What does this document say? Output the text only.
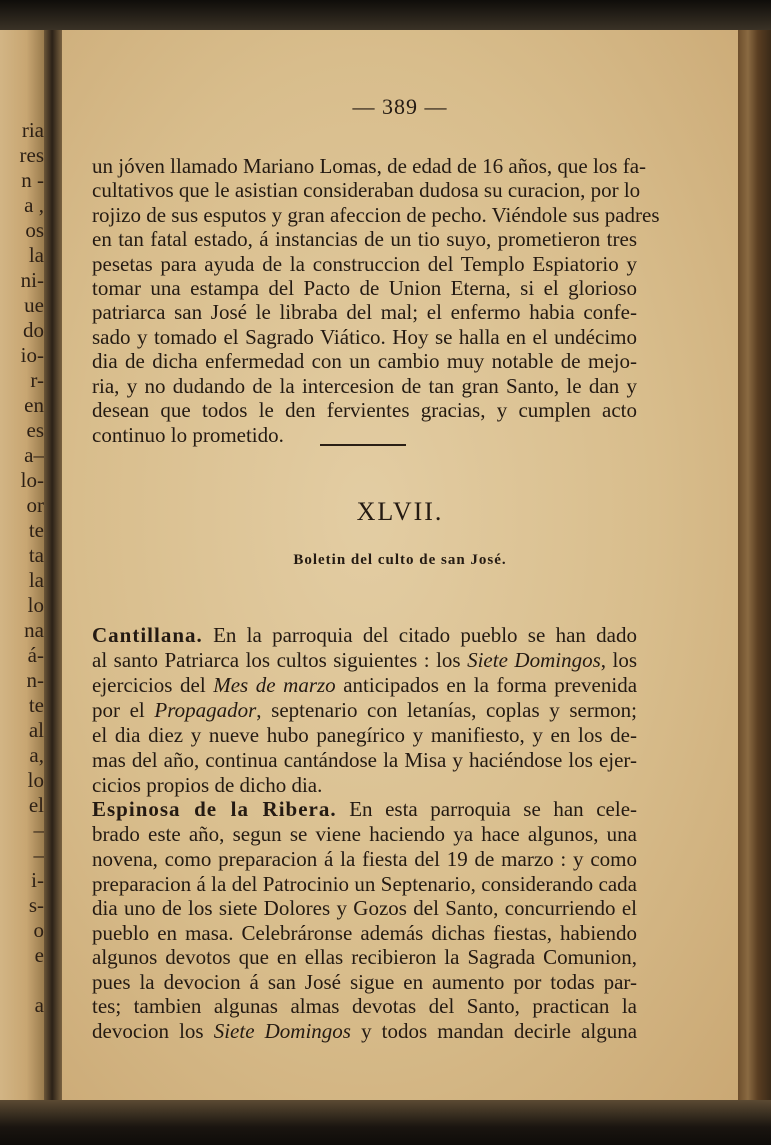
ria
res
n -
a ,
os
la
ni-
ue
do
io-
r-
en
es
a–
lo-
or
te
ta
la
lo
na
á-
n-
te
al
a,
lo
el
–
–
i-
s-
o
e
a
— 389 —
un jóven llamado Mariano Lomas, de edad de 16 años, que los fa-
cultativos que le asistian consideraban dudosa su curacion, por lo
rojizo de sus esputos y gran afeccion de pecho. Viéndole sus padres
en tan fatal estado, á instancias de un tio suyo, prometieron tres
pesetas para ayuda de la construccion del Templo Espiatorio y
tomar una estampa del Pacto de Union Eterna, si el glorioso
patriarca san José le libraba del mal; el enfermo habia confe-
sado y tomado el Sagrado Viático. Hoy se halla en el undécimo
dia de dicha enfermedad con un cambio muy notable de mejo-
ria, y no dudando de la intercesion de tan gran Santo, le dan y
desean que todos le den fervientes gracias, y cumplen acto
continuo lo prometido.
XLVII.
Boletin del culto de san José.
Cantillana. En la parroquia del citado pueblo se han dado
al santo Patriarca los cultos siguientes : los Siete Domingos, los
ejercicios del Mes de marzo anticipados en la forma prevenida
por el Propagador, septenario con letanías, coplas y sermon;
el dia diez y nueve hubo panegírico y manifiesto, y en los de-
mas del año, continua cantándose la Misa y haciéndose los ejer-
cicios propios de dicho dia.
Espinosa de la Ribera. En esta parroquia se han cele-
brado este año, segun se viene haciendo ya hace algunos, una
novena, como preparacion á la fiesta del 19 de marzo : y como
preparacion á la del Patrocinio un Septenario, considerando cada
dia uno de los siete Dolores y Gozos del Santo, concurriendo el
pueblo en masa. Celebráronse además dichas fiestas, habiendo
algunos devotos que en ellas recibieron la Sagrada Comunion,
pues la devocion á san José sigue en aumento por todas par-
tes; tambien algunas almas devotas del Santo, practican la
devocion los Siete Domingos y todos mandan decirle alguna
